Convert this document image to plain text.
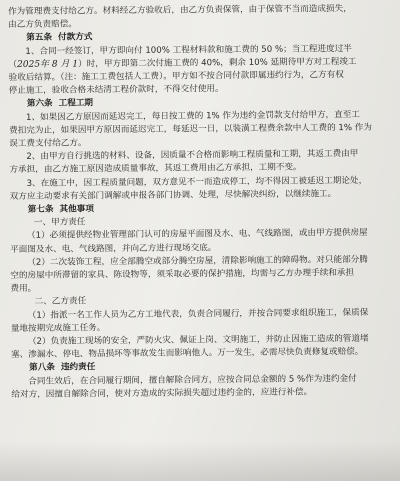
作为管理费支付给乙方。材料经乙方验收后，由乙方负责保管，由于保管不当而造成损失，

由乙方负责赔偿。

第五条  付款方式

1、合同一经签订，甲方即向付 100% 工程材料款和施工费的 50 %；当工程进度过半

（2025年 8 月 1）时，甲方即第二次付施工费的 40%，剩余 10% 延期待甲方对工程竣工

验收后结算。（注：施工工费包括人工费）。甲方如不按合同付款即属违约行为，乙方有权

停止施工，验收合格未结清工程价款时，不得交付使用。

第六条  工程工期

1、如果因乙方原因而延迟完工，每日按工费的 1% 作为违约金罚款支付给甲方，直至工

费扣完为止，如果因甲方原因而延迟完工，每延迟一日，以装潢工程费余款中人工费的 1% 作为

误工费支付给乙方。

2、由甲方自行挑选的材料、设备，因质量不合格而影响工程质量和工期，其返工费由甲

方承担，由乙方施工原因造成质量事故，其返工费用由乙方承担，工期不变。

3、在施工中，因工程质量问题，双方意见不一而造成停工，均不得因工被延迟工期论处，

双方应主动要求有关部门调解或申报各部门协调、处理，尽快解决纠纷，以继续施工。

第七条  其他事项

一、甲方责任

（1）必须提供经物业管理部门认可的房屋平面图及水、电、气线路图，或由甲方提供房屋

平面图及水、电、气线路图，并向乙方进行现场交底。

（2）二次装饰工程，应全部腾空或部分腾空房屋，清除影响施工的障碍物。对只能部分腾

空的房屋中所滞留的家具、陈设物等，须采取必要的保护措施，均需与乙方办理手续和承担

费用。

二、乙方责任

（1）指派一名工作人员为乙方工地代表，负责合同履行，并按合同要求组织施工，保质保

量地按期完成施工任务。

（2）负责施工现场的安全，严防火灾、佩证上岗、文明施工，并防止因施工造成的管道堵

塞、渗漏水、停电、物品损坏等事故发生而影响他人。万一发生，必需尽快负责修复或赔偿。

第八条  违约责任

合同生效后，在合同履行期间，擅自解除合同方，应按合同总金额的 5 %作为违约金付

给对方，因擅自解除合同，使对方造成的实际损失超过违约金的，应进行补偿。
